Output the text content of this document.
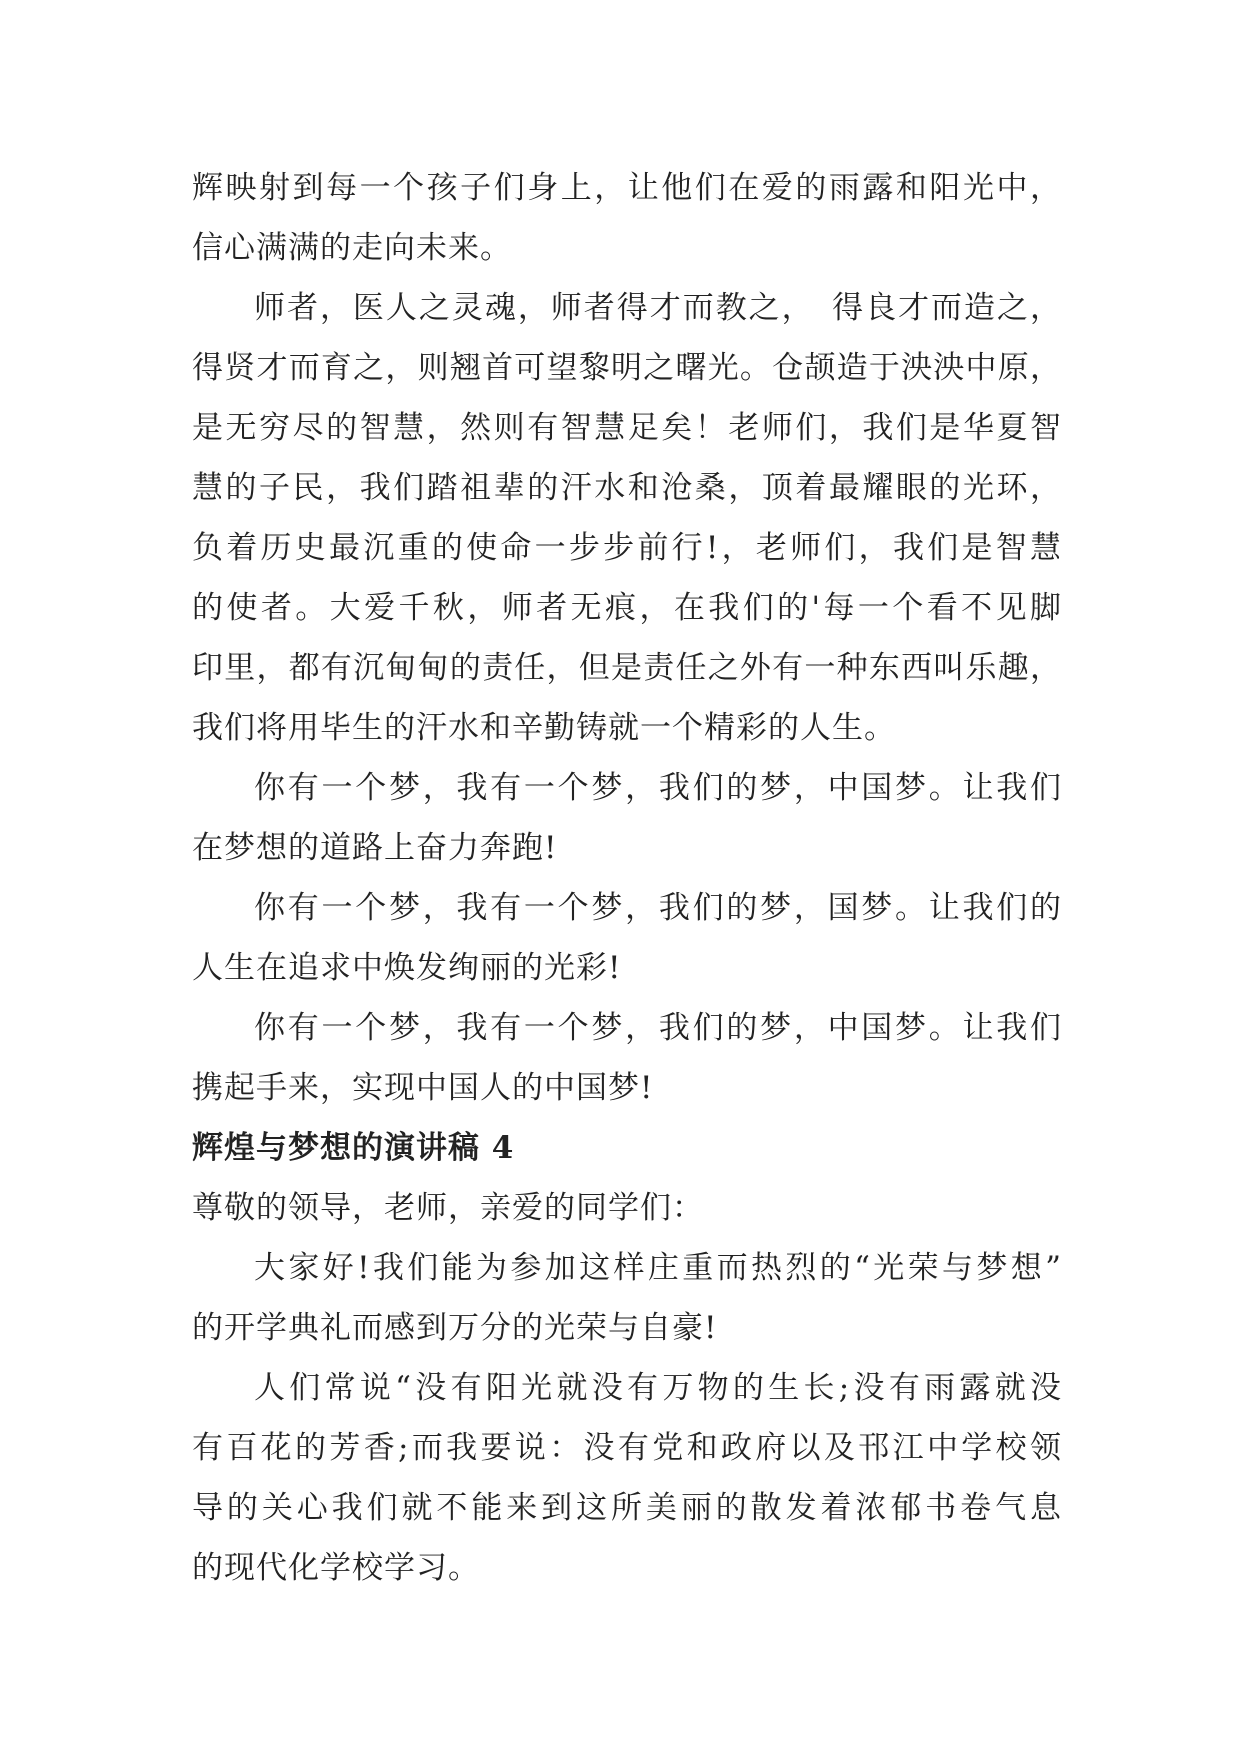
辉映射到每一个孩子们身上，让他们在爱的雨露和阳光中，
信心满满的走向未来。
师者，医人之灵魂，师者得才而教之，　得良才而造之，
得贤才而育之，则翘首可望黎明之曙光。仓颉造于泱泱中原，
是无穷尽的智慧，然则有智慧足矣！老师们，我们是华夏智
慧的子民，我们踏祖辈的汗水和沧桑，顶着最耀眼的光环，
负着历史最沉重的使命一步步前行!，老师们，我们是智慧
的使者。大爱千秋，师者无痕，在我们的'每一个看不见脚
印里，都有沉甸甸的责任，但是责任之外有一种东西叫乐趣，
我们将用毕生的汗水和辛勤铸就一个精彩的人生。
你有一个梦，我有一个梦，我们的梦，中国梦。让我们
在梦想的道路上奋力奔跑!
你有一个梦，我有一个梦，我们的梦，国梦。让我们的
人生在追求中焕发绚丽的光彩!
你有一个梦，我有一个梦，我们的梦，中国梦。让我们
携起手来，实现中国人的中国梦!
辉煌与梦想的演讲稿 4
尊敬的领导，老师，亲爱的同学们：
大家好!我们能为参加这样庄重而热烈的“光荣与梦想”
的开学典礼而感到万分的光荣与自豪!
人们常说“没有阳光就没有万物的生长;没有雨露就没
有百花的芳香;而我要说：没有党和政府以及邗江中学校领
导的关心我们就不能来到这所美丽的散发着浓郁书卷气息
的现代化学校学习。
